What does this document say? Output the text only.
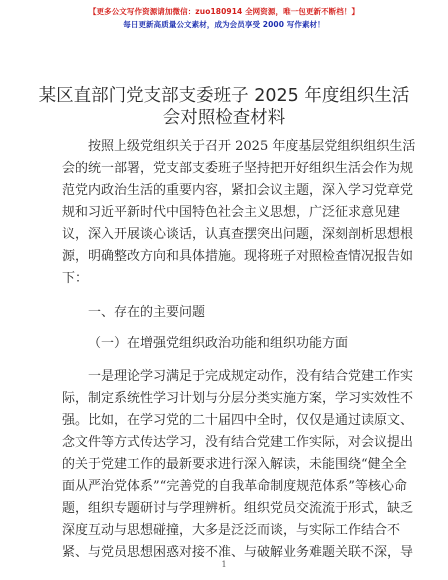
【更多公文写作资源请加微信：zuo180914 全网资源，唯一包更新不断档！】
每日更新高质量公文素材，成为会员享受 2000 写作素材！
某区直部门党支部支委班子 2025 年度组织生活
会对照检查材料
按照上级党组织关于召开 2025 年度基层党组织组织生活
会的统一部署，党支部支委班子坚持把开好组织生活会作为规
范党内政治生活的重要内容，紧扣会议主题，深入学习党章党
规和习近平新时代中国特色社会主义思想，广泛征求意见建
议，深入开展谈心谈话，认真查摆突出问题，深刻剖析思想根
源，明确整改方向和具体措施。现将班子对照检查情况报告如
下：
一、存在的主要问题
（一）在增强党组织政治功能和组织功能方面
一是理论学习满足于完成规定动作，没有结合党建工作实
际，制定系统性学习计划与分层分类实施方案，学习实效性不
强。比如，在学习党的二十届四中全时，仅仅是通过读原文、
念文件等方式传达学习，没有结合党建工作实际，对会议提出
的关于党建工作的最新要求进行深入解读，未能围绕“健全全
面从严治党体系”“完善党的自我革命制度规范体系”等核心命
题，组织专题研讨与学理辨析。组织党员交流流于形式，缺乏
深度互动与思想碰撞，大多是泛泛而谈，与实际工作结合不
紧、与党员思想困惑对接不准、与破解业务难题关联不深，导
1
